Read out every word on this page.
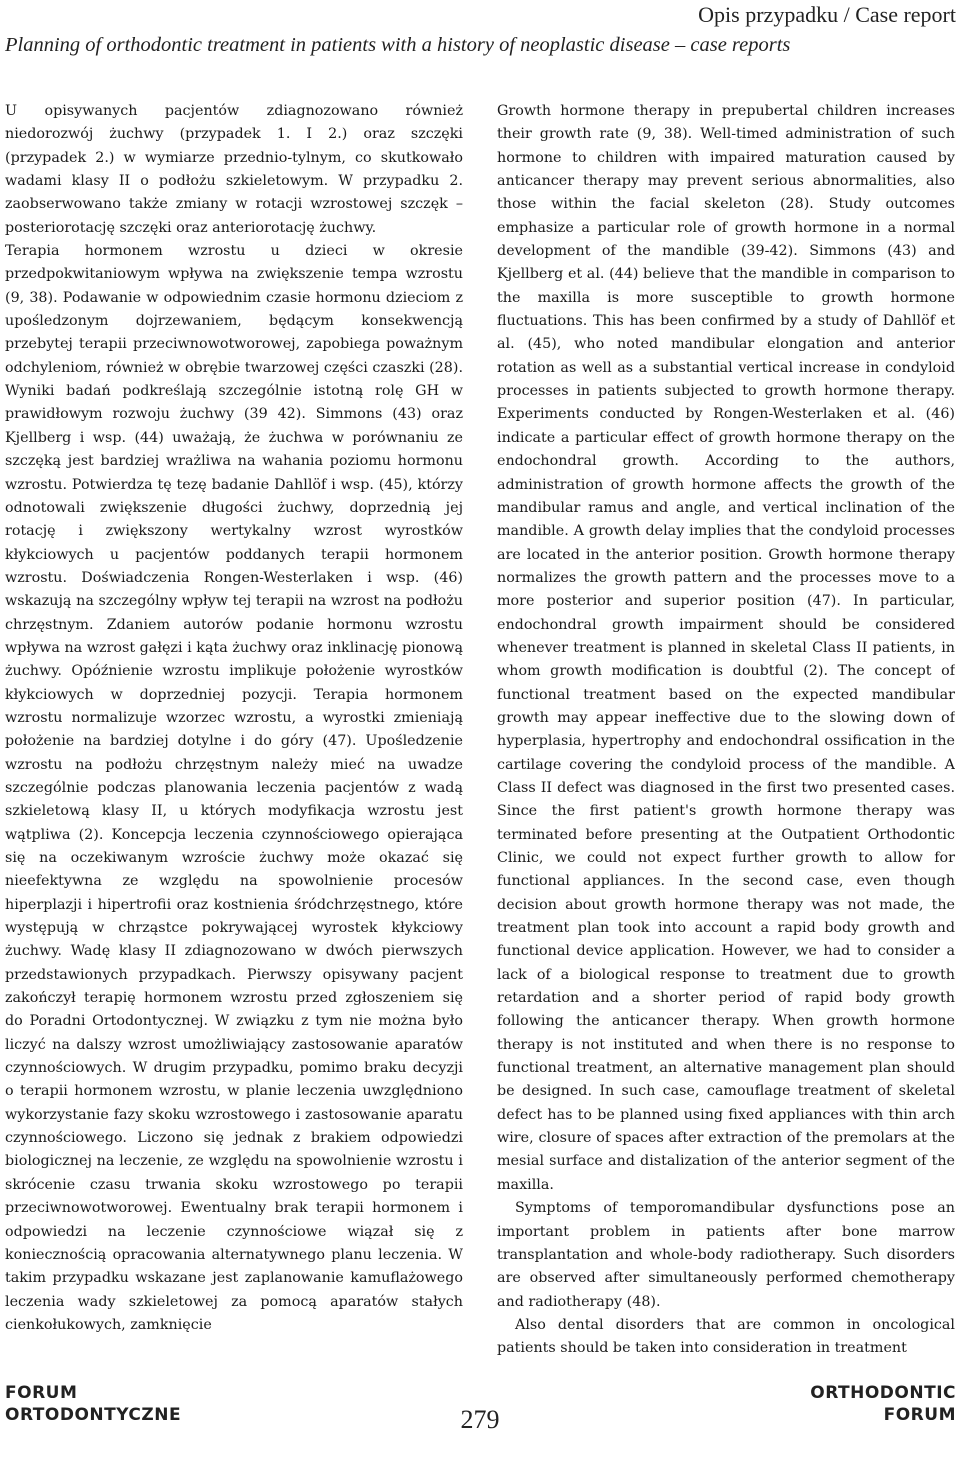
Opis przypadku / Case report
Planning of orthodontic treatment in patients with a history of neoplastic disease – case reports

U opisywanych pacjentów zdiagnozowano również niedorozwój żuchwy (przypadek 1. I 2.) oraz szczęki (przypadek 2.) w wymiarze przednio-tylnym, co skutkowało wadami klasy II o podłożu szkieletowym. W przypadku 2. zaobserwowano także zmiany w rotacji wzrostowej szczęk – posteriorotację szczęki oraz anteriorotację żuchwy.

Terapia hormonem wzrostu u dzieci w okresie przedpokwitaniowym wpływa na zwiększenie tempa wzrostu (9, 38). Podawanie w odpowiednim czasie hormonu dzieciom z upośledzonym dojrzewaniem, będącym konsekwencją przebytej terapii przeciwnowotworowej, zapobiega poważnym odchyleniom, również w obrębie twarzowej części czaszki (28). Wyniki badań podkreślają szczególnie istotną rolę GH w prawidłowym rozwoju żuchwy (39 42). Simmons (43) oraz Kjellberg i wsp. (44) uważają, że żuchwa w porównaniu ze szczęką jest bardziej wrażliwa na wahania poziomu hormonu wzrostu. Potwierdza tę tezę badanie Dahllöf i wsp. (45), którzy odnotowali zwiększenie długości żuchwy, doprzednią jej rotację i zwiększony wertykalny wzrost wyrostków kłykciowych u pacjentów poddanych terapii hormonem wzrostu. Doświadczenia Rongen-Westerlaken i wsp. (46) wskazują na szczególny wpływ tej terapii na wzrost na podłożu chrzęstnym. Zdaniem autorów podanie hormonu wzrostu wpływa na wzrost gałęzi i kąta żuchwy oraz inklinację pionową żuchwy. Opóźnienie wzrostu implikuje położenie wyrostków kłykciowych w doprzedniej pozycji. Terapia hormonem wzrostu normalizuje wzorzec wzrostu, a wyrostki zmieniają położenie na bardziej dotylne i do góry (47). Upośledzenie wzrostu na podłożu chrzęstnym należy mieć na uwadze szczególnie podczas planowania leczenia pacjentów z wadą szkieletową klasy II, u których modyfikacja wzrostu jest wątpliwa (2). Koncepcja leczenia czynnościowego opierająca się na oczekiwanym wzroście żuchwy może okazać się nieefektywna ze względu na spowolnienie procesów hiperplazji i hipertrofii oraz kostnienia śródchrzęstnego, które występują w chrząstce pokrywającej wyrostek kłykciowy żuchwy. Wadę klasy II zdiagnozowano w dwóch pierwszych przedstawionych przypadkach. Pierwszy opisywany pacjent zakończył terapię hormonem wzrostu przed zgłoszeniem się do Poradni Ortodontycznej. W związku z tym nie można było liczyć na dalszy wzrost umożliwiający zastosowanie aparatów czynnościowych. W drugim przypadku, pomimo braku decyzji o terapii hormonem wzrostu, w planie leczenia uwzględniono wykorzystanie fazy skoku wzrostowego i zastosowanie aparatu czynnościowego. Liczono się jednak z brakiem odpowiedzi biologicznej na leczenie, ze względu na spowolnienie wzrostu i skrócenie czasu trwania skoku wzrostowego po terapii przeciwnowotworowej. Ewentualny brak terapii hormonem i odpowiedzi na leczenie czynnościowe wiązał się z koniecznością opracowania alternatywnego planu leczenia. W takim przypadku wskazane jest zaplanowanie kamuflażowego leczenia wady szkieletowej za pomocą aparatów stałych cienkołukowych, zamknięcie

Growth hormone therapy in prepubertal children increases their growth rate (9, 38). Well-timed administration of such hormone to children with impaired maturation caused by anticancer therapy may prevent serious abnormalities, also those within the facial skeleton (28). Study outcomes emphasize a particular role of growth hormone in a normal development of the mandible (39-42). Simmons (43) and Kjellberg et al. (44) believe that the mandible in comparison to the maxilla is more susceptible to growth hormone fluctuations. This has been confirmed by a study of Dahllöf et al. (45), who noted mandibular elongation and anterior rotation as well as a substantial vertical increase in condyloid processes in patients subjected to growth hormone therapy. Experiments conducted by Rongen-Westerlaken et al. (46) indicate a particular effect of growth hormone therapy on the endochondral growth. According to the authors, administration of growth hormone affects the growth of the mandibular ramus and angle, and vertical inclination of the mandible. A growth delay implies that the condyloid processes are located in the anterior position. Growth hormone therapy normalizes the growth pattern and the processes move to a more posterior and superior position (47). In particular, endochondral growth impairment should be considered whenever treatment is planned in skeletal Class II patients, in whom growth modification is doubtful (2). The concept of functional treatment based on the expected mandibular growth may appear ineffective due to the slowing down of hyperplasia, hypertrophy and endochondral ossification in the cartilage covering the condyloid process of the mandible. A Class II defect was diagnosed in the first two presented cases. Since the first patient's growth hormone therapy was terminated before presenting at the Outpatient Orthodontic Clinic, we could not expect further growth to allow for functional appliances. In the second case, even though decision about growth hormone therapy was not made, the treatment plan took into account a rapid body growth and functional device application. However, we had to consider a lack of a biological response to treatment due to growth retardation and a shorter period of rapid body growth following the anticancer therapy. When growth hormone therapy is not instituted and when there is no response to functional treatment, an alternative management plan should be designed. In such case, camouflage treatment of skeletal defect has to be planned using fixed appliances with thin arch wire, closure of spaces after extraction of the premolars at the mesial surface and distalization of the anterior segment of the maxilla.

Symptoms of temporomandibular dysfunctions pose an important problem in patients after bone marrow transplantation and whole-body radiotherapy. Such disorders are observed after simultaneously performed chemotherapy and radiotherapy (48).

Also dental disorders that are common in oncological patients should be taken into consideration in treatment

FORUM
ORTODONTYCZNE	279
ORTHODONTIC
FORUM
